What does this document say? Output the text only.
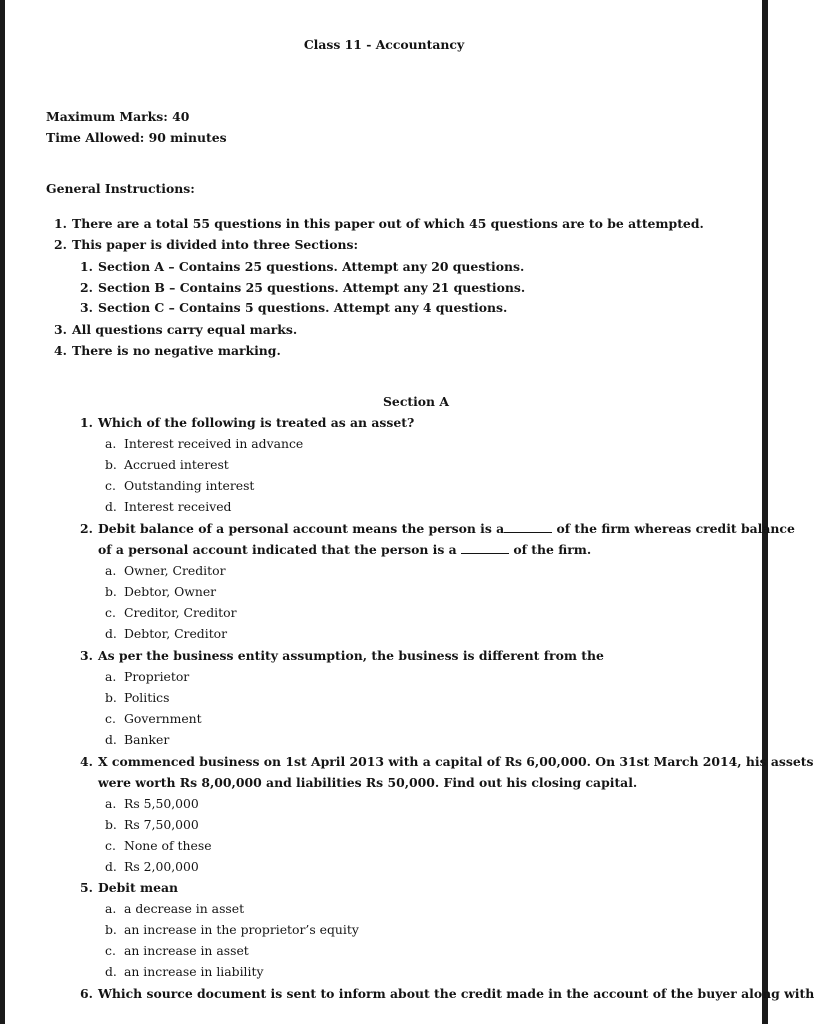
Class 11 - Accountancy
Maximum Marks: 40
Time Allowed: 90 minutes
General Instructions:
1. There are a total 55 questions in this paper out of which 45 questions are to be attempted.
2. This paper is divided into three Sections:
1. Section A – Contains 25 questions. Attempt any 20 questions.
2. Section B – Contains 25 questions. Attempt any 21 questions.
3. Section C – Contains 5 questions. Attempt any 4 questions.
3. All questions carry equal marks.
4. There is no negative marking.
Section A
1. Which of the following is treated as an asset?
a. Interest received in advance
b. Accrued interest
c. Outstanding interest
d. Interest received
2. Debit balance of a personal account means the person is a	of the firm whereas credit balance
of a personal account indicated that the person is a	of the firm.
a. Owner, Creditor
b. Debtor, Owner
c. Creditor, Creditor
d. Debtor, Creditor
3. As per the business entity assumption, the business is different from the
a. Proprietor
b. Politics
c. Government
d. Banker
4. X commenced business on 1st April 2013 with a capital of Rs 6,00,000. On 31st March 2014, his assets
were worth Rs 8,00,000 and liabilities Rs 50,000. Find out his closing capital.
a. Rs 5,50,000
b. Rs 7,50,000
c. None of these
d. Rs 2,00,000
5. Debit mean
a. a decrease in asset
b. an increase in the proprietor’s equity
c. an increase in asset
d. an increase in liability
6. Which source document is sent to inform about the credit made in the account of the buyer along with
